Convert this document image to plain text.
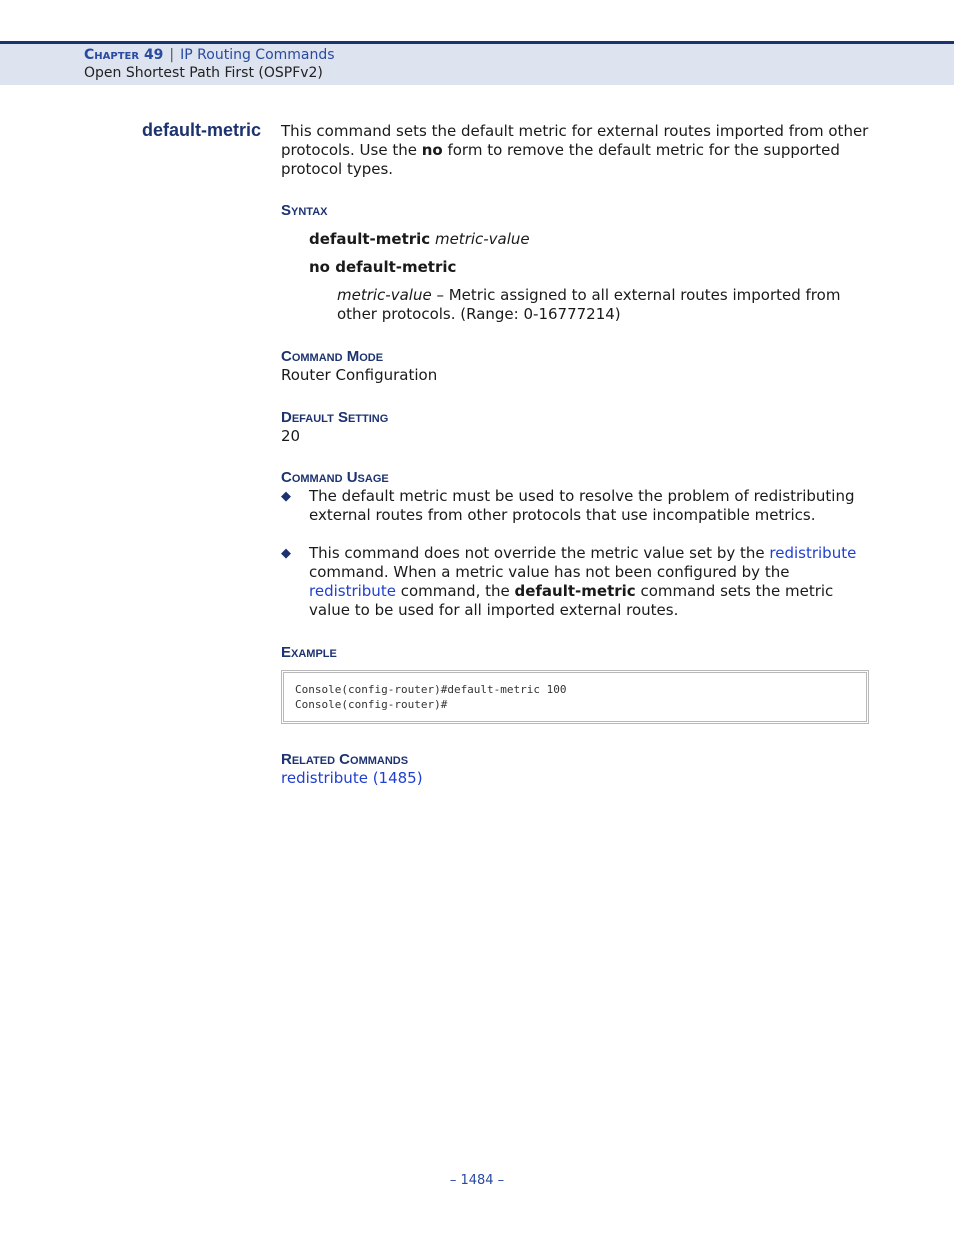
Chapter 49 | IP Routing Commands
Open Shortest Path First (OSPFv2)
default-metric This command sets the default metric for external routes imported from other protocols. Use the no form to remove the default metric for the supported protocol types.

Syntax

default-metric metric-value

no default-metric

metric-value – Metric assigned to all external routes imported from other protocols. (Range: 0-16777214)

Command Mode

Router Configuration

Default Setting

20

Command Usage

◆ The default metric must be used to resolve the problem of redistributing external routes from other protocols that use incompatible metrics.
◆ This command does not override the metric value set by the redistribute command. When a metric value has not been configured by the redistribute command, the default-metric command sets the metric value to be used for all imported external routes.

Example

Console(config-router)#default-metric 100
Console(config-router)#

Related Commands

redistribute (1485)

– 1484 –
